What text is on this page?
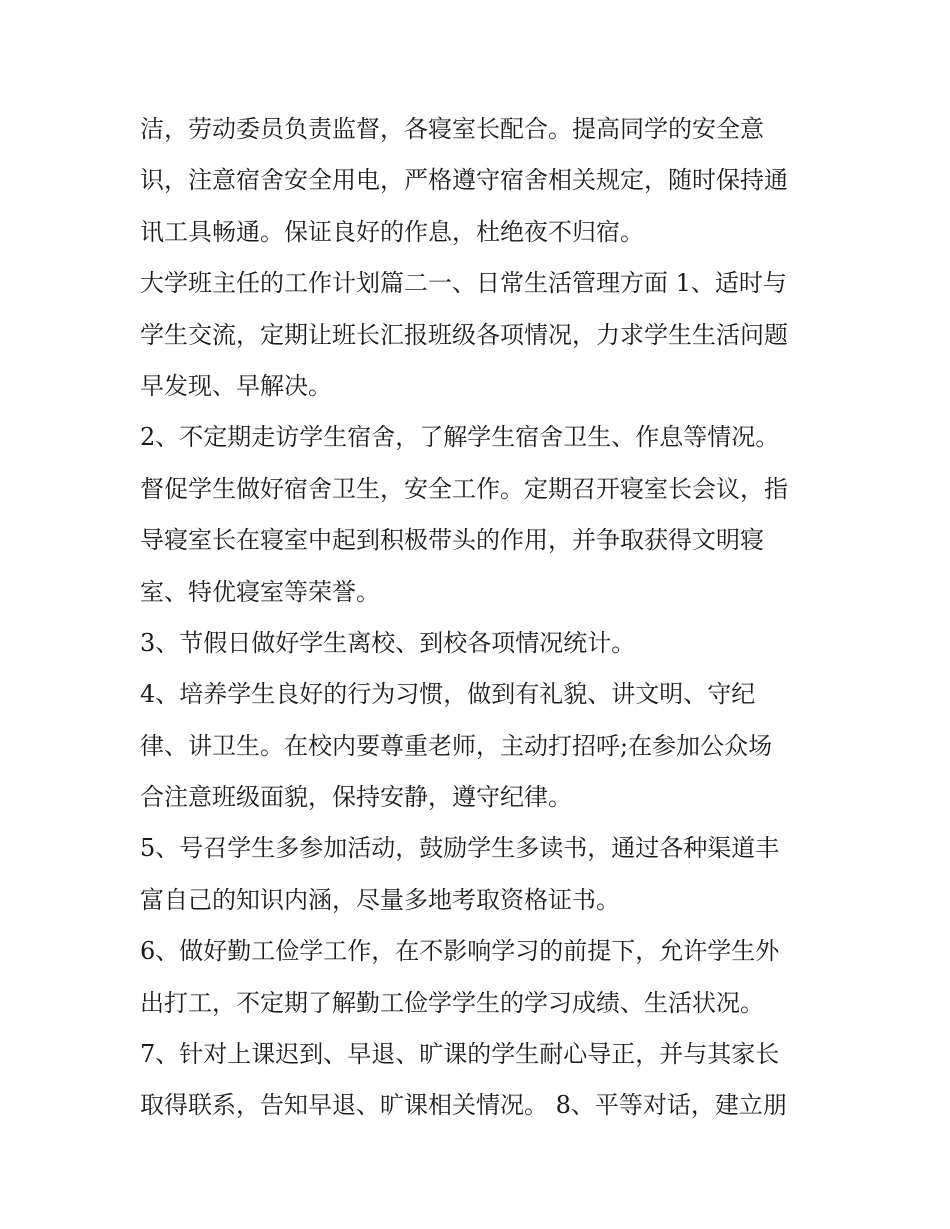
洁，劳动委员负责监督，各寝室长配合。提高同学的安全意
识，注意宿舍安全用电，严格遵守宿舍相关规定，随时保持通
讯工具畅通。保证良好的作息，杜绝夜不归宿。
大学班主任的工作计划篇二一、日常生活管理方面 1、适时与
学生交流，定期让班长汇报班级各项情况，力求学生生活问题
早发现、早解决。
2、不定期走访学生宿舍，了解学生宿舍卫生、作息等情况。
督促学生做好宿舍卫生，安全工作。定期召开寝室长会议，指
导寝室长在寝室中起到积极带头的作用，并争取获得文明寝
室、特优寝室等荣誉。
3、节假日做好学生离校、到校各项情况统计。
4、培养学生良好的行为习惯，做到有礼貌、讲文明、守纪
律、讲卫生。在校内要尊重老师，主动打招呼;在参加公众场
合注意班级面貌，保持安静，遵守纪律。
5、号召学生多参加活动，鼓励学生多读书，通过各种渠道丰
富自己的知识内涵，尽量多地考取资格证书。
6、做好勤工俭学工作，在不影响学习的前提下，允许学生外
出打工，不定期了解勤工俭学学生的学习成绩、生活状况。
7、针对上课迟到、早退、旷课的学生耐心导正，并与其家长
取得联系，告知早退、旷课相关情况。 8、平等对话，建立朋
